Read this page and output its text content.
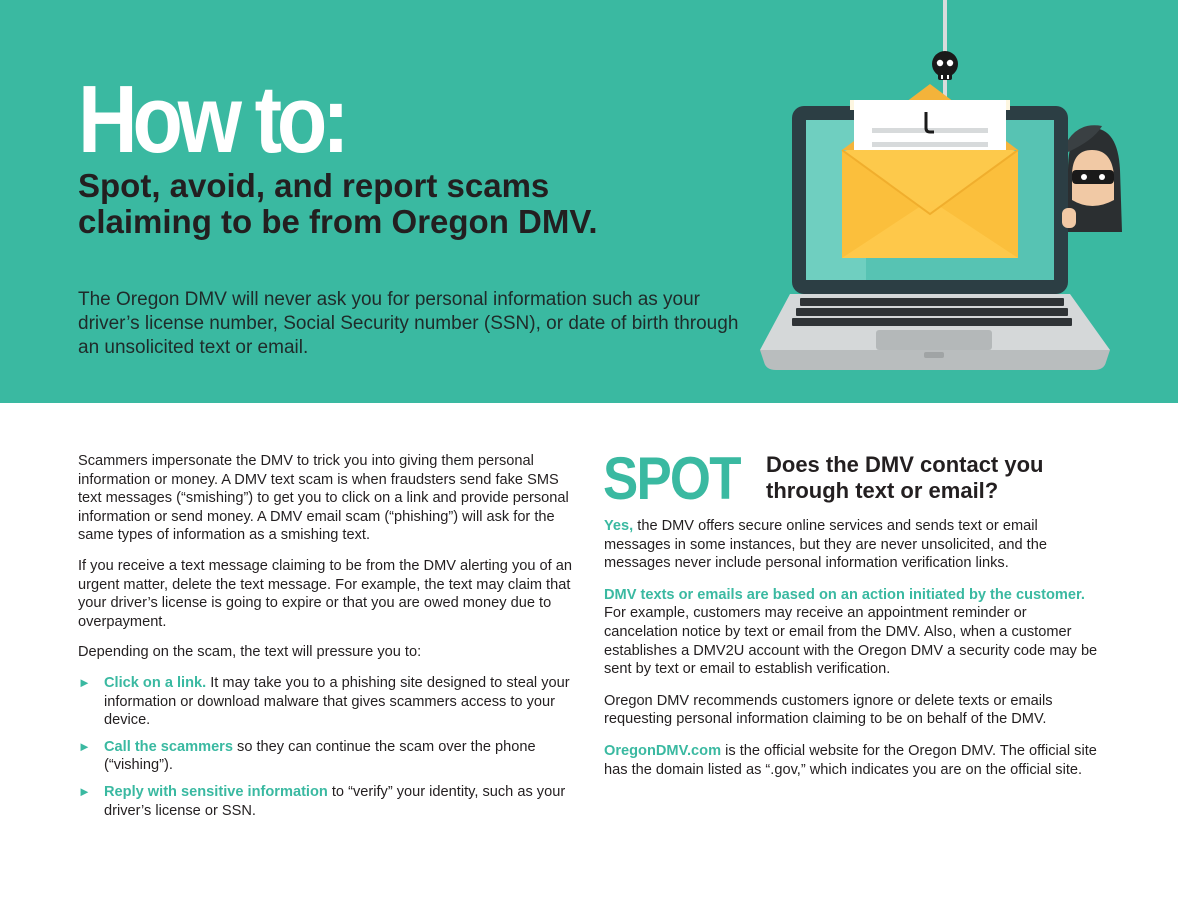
How to:
Spot, avoid, and report scams
claiming to be from Oregon DMV.

The Oregon DMV will never ask you for personal information such as your driver’s license number, Social Security number (SSN), or date of birth through an unsolicited text or email.

Scammers impersonate the DMV to trick you into giving them personal information or money. A DMV text scam is when fraudsters send fake SMS text messages (“smishing”) to get you to click on a link and provide personal information or send money. A DMV email scam (“phishing”) will ask for the same types of information as a smishing text.

If you receive a text message claiming to be from the DMV alerting you of an urgent matter, delete the text message. For example, the text may claim that your driver’s license is going to expire or that you are owed money due to overpayment.

Depending on the scam, the text will pressure you to:

► Click on a link. It may take you to a phishing site designed to steal your information or download malware that gives scammers access to your device.
► Call the scammers so they can continue the scam over the phone (“vishing”).
► Reply with sensitive information to “verify” your identity, such as your driver’s license or SSN.
SPOT Does the DMV contact you
through text or email?

Yes, the DMV offers secure online services and sends text or email messages in some instances, but they are never unsolicited, and the messages never include personal information verification links.

DMV texts or emails are based on an action initiated by the customer.
For example, customers may receive an appointment reminder or cancelation notice by text or email from the DMV. Also, when a customer establishes a DMV2U account with the Oregon DMV a security code may be sent by text or email to establish verification.

Oregon DMV recommends customers ignore or delete texts or emails requesting personal information claiming to be on behalf of the DMV.

OregonDMV.com is the official website for the Oregon DMV. The official site has the domain listed as “.gov,” which indicates you are on the official site.
